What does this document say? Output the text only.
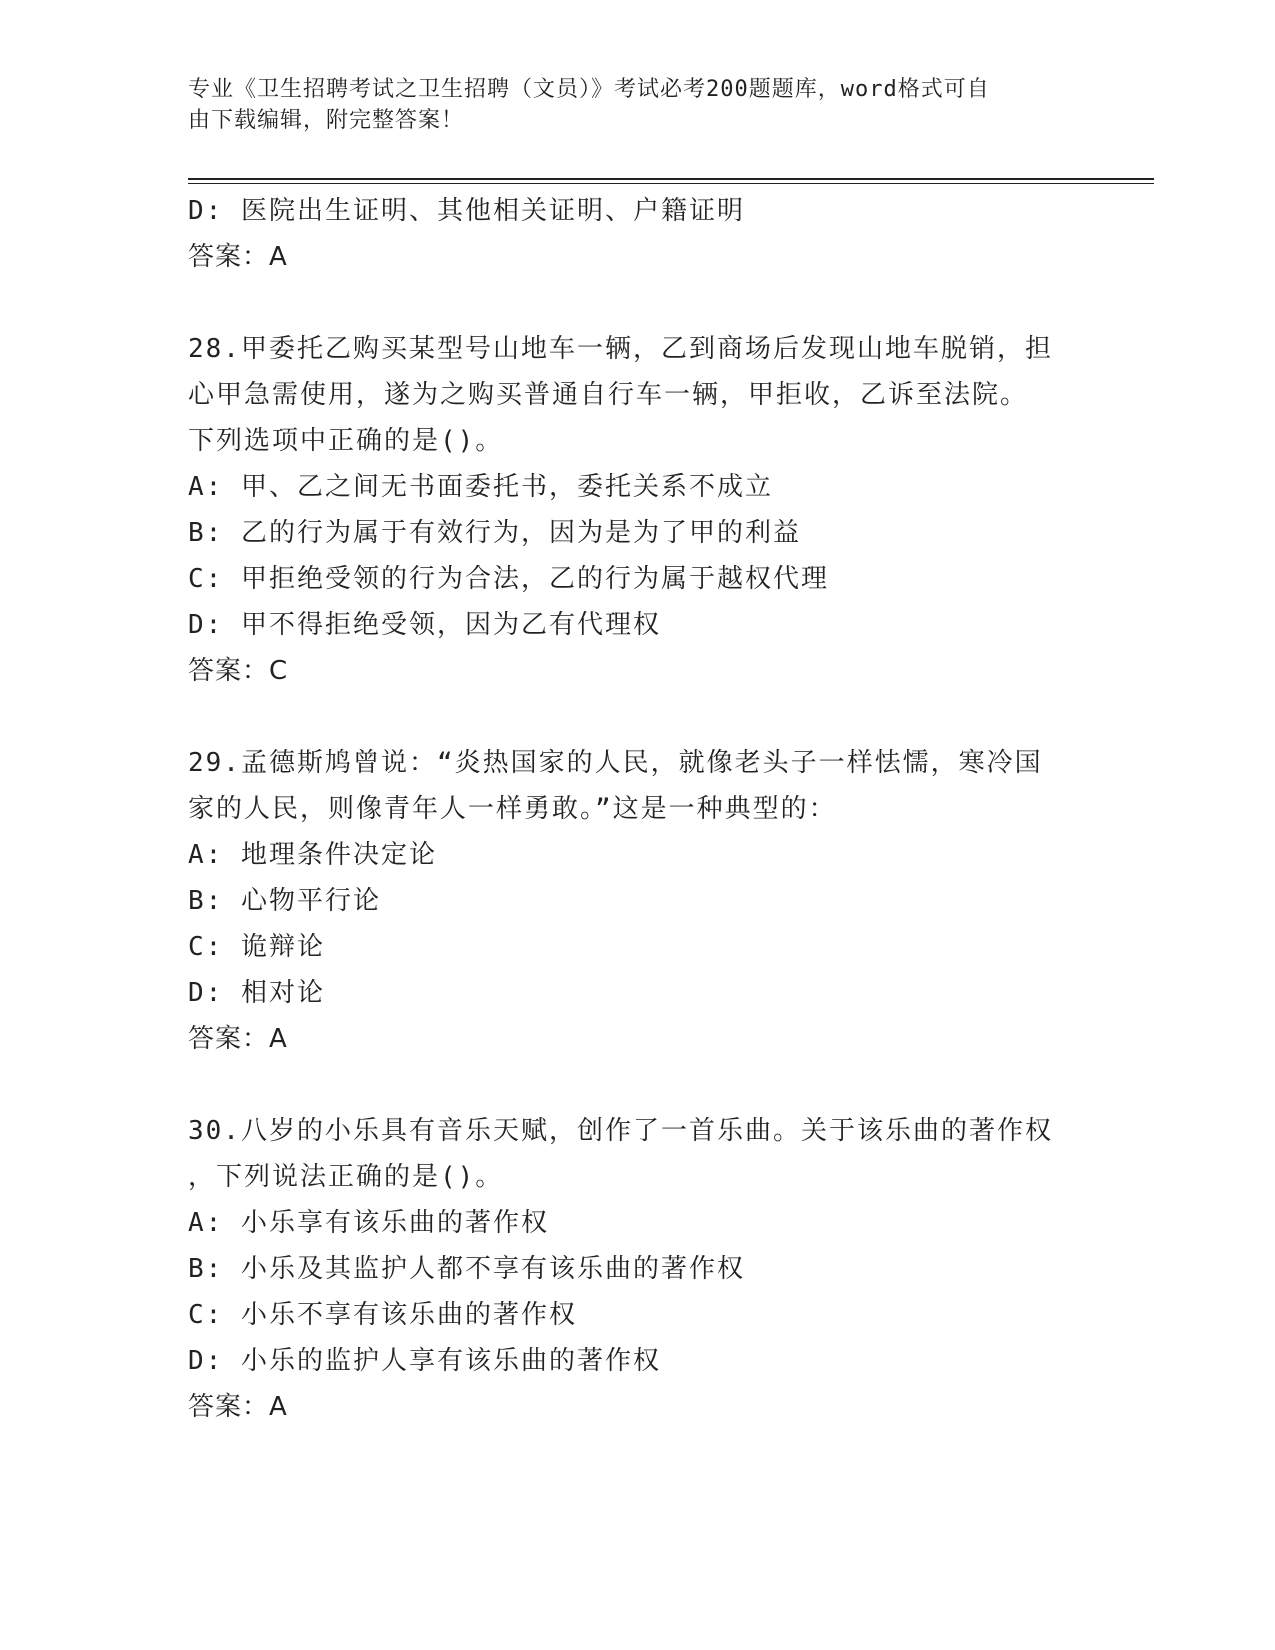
专业《卫生招聘考试之卫生招聘（文员）》考试必考200题题库，word格式可自
由下载编辑，附完整答案！
D: 医院出生证明、其他相关证明、户籍证明
答案：A
28.甲委托乙购买某型号山地车一辆，乙到商场后发现山地车脱销，担
心甲急需使用，遂为之购买普通自行车一辆，甲拒收，乙诉至法院。
下列选项中正确的是()。
A: 甲、乙之间无书面委托书，委托关系不成立
B: 乙的行为属于有效行为，因为是为了甲的利益
C: 甲拒绝受领的行为合法，乙的行为属于越权代理
D: 甲不得拒绝受领，因为乙有代理权
答案：C
29.孟德斯鸠曾说：“炎热国家的人民，就像老头子一样怯懦，寒冷国
家的人民，则像青年人一样勇敢。”这是一种典型的：
A: 地理条件决定论
B: 心物平行论
C: 诡辩论
D: 相对论
答案：A
30.八岁的小乐具有音乐天赋，创作了一首乐曲。关于该乐曲的著作权
，下列说法正确的是()。
A: 小乐享有该乐曲的著作权
B: 小乐及其监护人都不享有该乐曲的著作权
C: 小乐不享有该乐曲的著作权
D: 小乐的监护人享有该乐曲的著作权
答案：A
